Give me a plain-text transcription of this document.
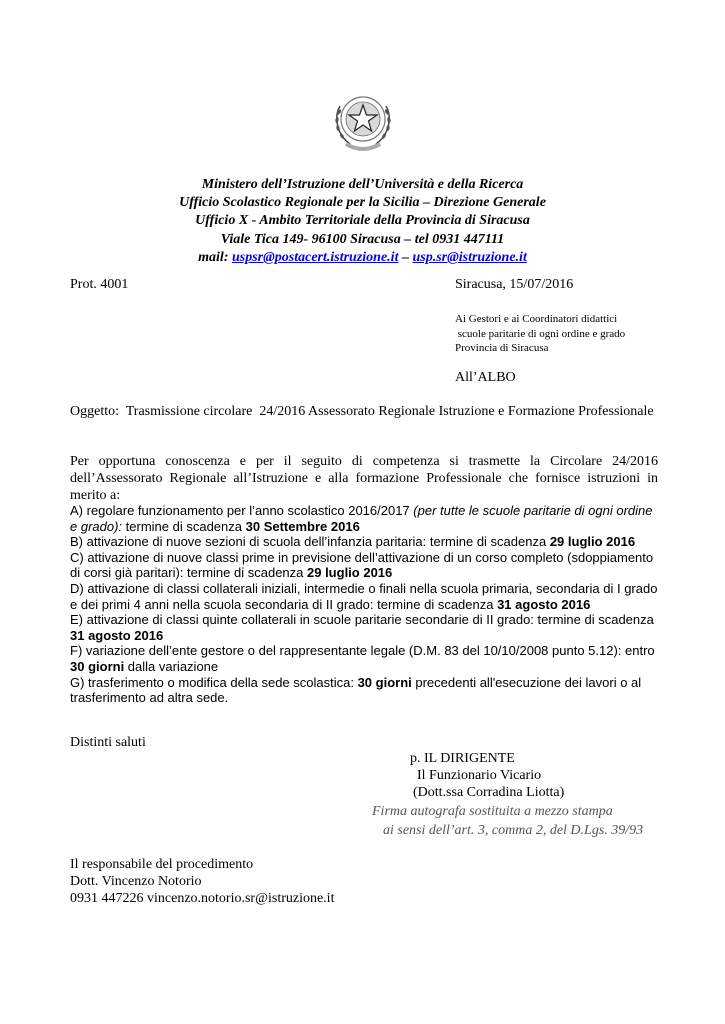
Ministero dell’Istruzione dell’Università e della Ricerca
Ufficio Scolastico Regionale per la Sicilia – Direzione Generale
Ufficio X - Ambito Territoriale della Provincia di Siracusa
Viale Tica 149- 96100 Siracusa – tel 0931 447111
mail: uspsr@postacert.istruzione.it – usp.sr@istruzione.it
Prot. 4001	Siracusa, 15/07/2016
Ai Gestori e ai Coordinatori didattici
scuole paritarie di ogni ordine e grado
Provincia di Siracusa
All’ALBO
Oggetto:  Trasmissione circolare  24/2016 Assessorato Regionale Istruzione e Formazione Professionale
Per opportuna conoscenza e per il seguito di competenza si trasmette la Circolare 24/2016 dell’Assessorato Regionale all’Istruzione e alla formazione Professionale che fornisce istruzioni in merito a:

A) regolare funzionamento per l’anno scolastico 2016/2017 (per tutte le scuole paritarie di ogni ordine e grado): termine di scadenza 30 Settembre 2016

B) attivazione di nuove sezioni di scuola dell’infanzia paritaria: termine di scadenza 29 luglio 2016

C) attivazione di nuove classi prime in previsione dell’attivazione di un corso completo (sdoppiamento di corsi già paritari): termine di scadenza 29 luglio 2016

D) attivazione di classi collaterali iniziali, intermedie o finali nella scuola primaria, secondaria di I grado e dei primi 4 anni nella scuola secondaria di II grado: termine di scadenza 31 agosto 2016

E) attivazione di classi quinte collaterali in scuole paritarie secondarie di II grado: termine di scadenza 31 agosto 2016

F) variazione dell’ente gestore o del rappresentante legale (D.M. 83 del 10/10/2008 punto 5.12): entro 30 giorni dalla variazione

G) trasferimento o modifica della sede scolastica: 30 giorni precedenti all'esecuzione dei lavori o al trasferimento ad altra sede.

Distinti saluti
p. IL DIRIGENTE
Il Funzionario Vicario
(Dott.ssa Corradina Liotta)
Firma autografa sostituita a mezzo stampa
ai sensi dell’art. 3, comma 2, del D.Lgs. 39/93
Il responsabile del procedimento
Dott. Vincenzo Notorio
0931 447226 vincenzo.notorio.sr@istruzione.it
